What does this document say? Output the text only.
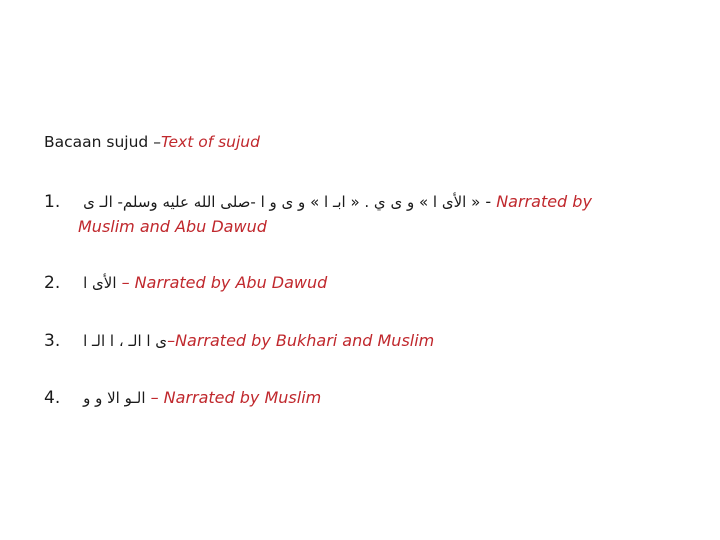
Bacaan sujud –Text of sujud
1. « الأى ا » و ى ي . « ابـ ا » و ى و ا -صلى الله عليه وسلم- الـ ى - Narrated by
Muslim and Abu Dawud
2. الأى ا – Narrated by Abu Dawud
3. ى ا الـ ، ا الـ ا–Narrated by Bukhari and Muslim
4. الـو الا و و – Narrated by Muslim
